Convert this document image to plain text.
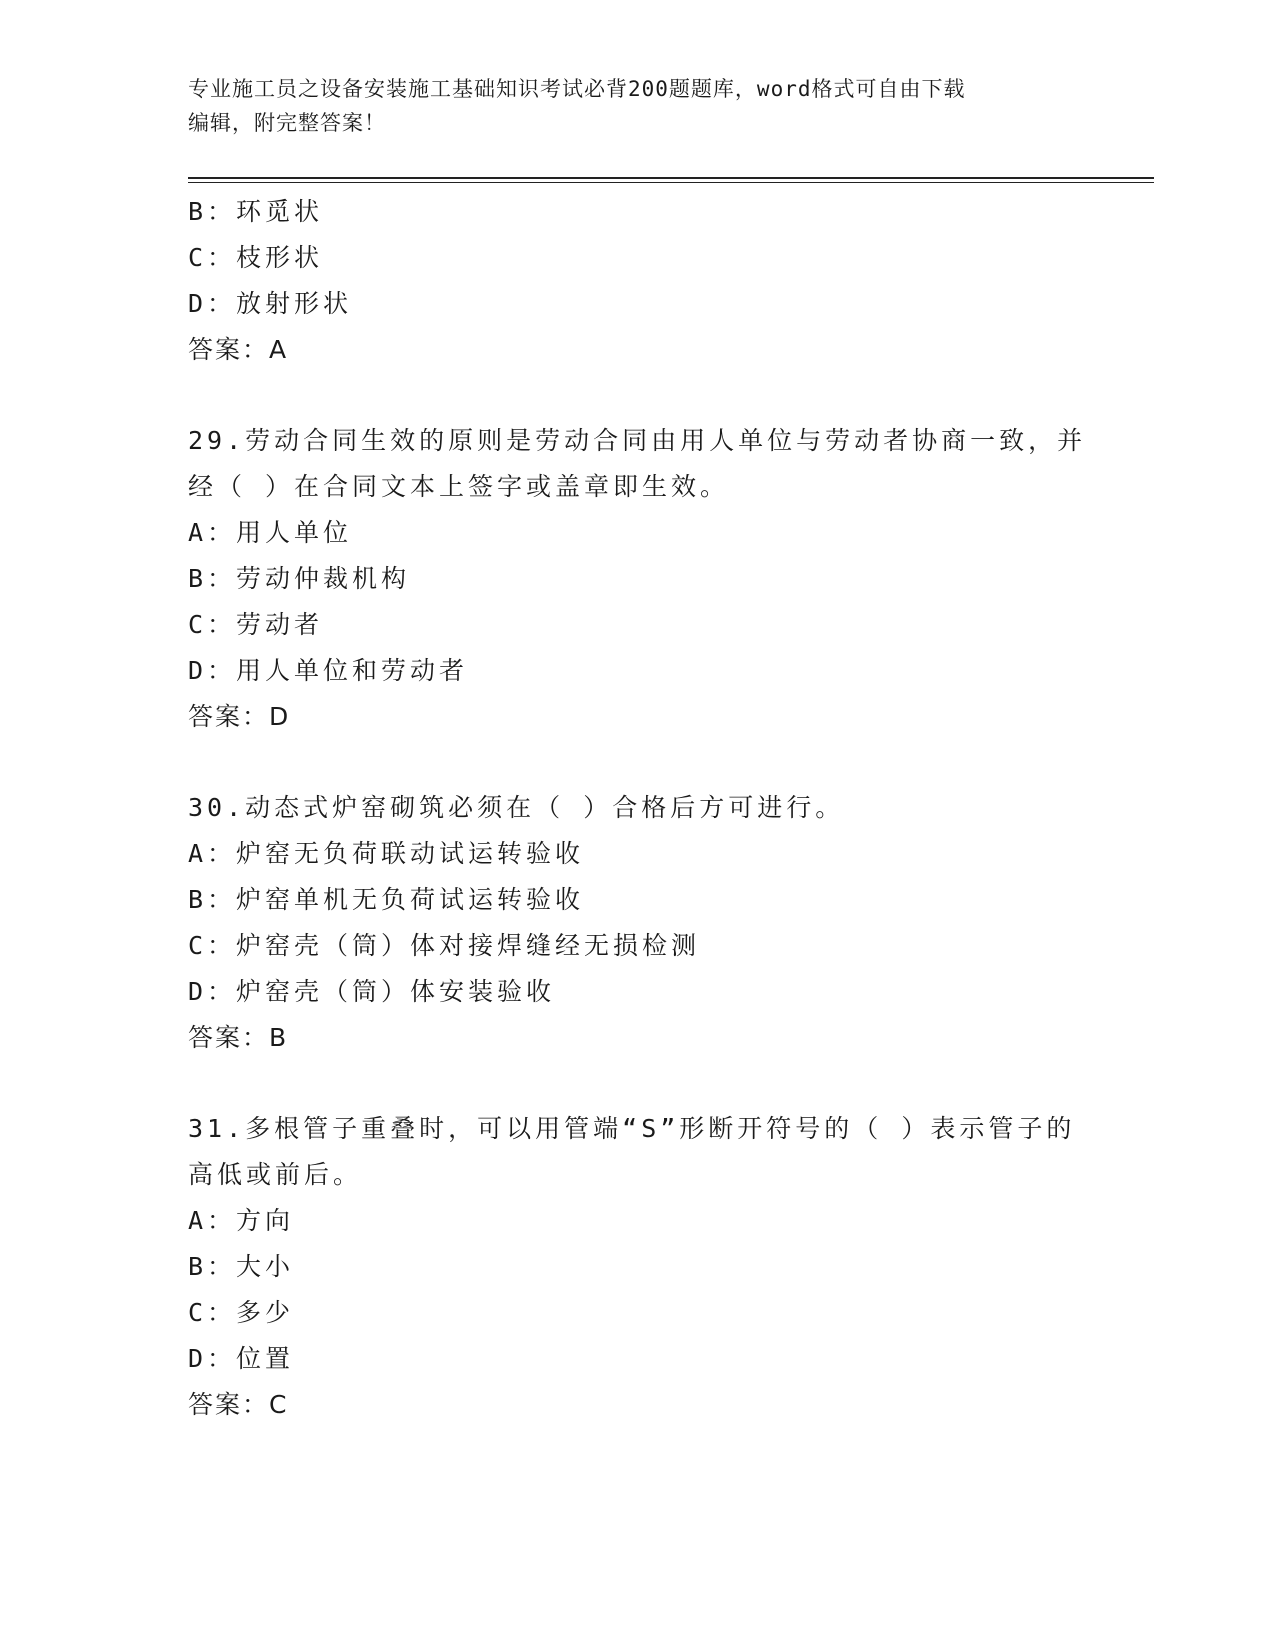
专业施工员之设备安装施工基础知识考试必背200题题库，word格式可自由下载
编辑，附完整答案！
B：环觅状
C：枝形状
D：放射形状
答案：A
29.劳动合同生效的原则是劳动合同由用人单位与劳动者协商一致，并
经（ ）在合同文本上签字或盖章即生效。
A：用人单位
B：劳动仲裁机构
C：劳动者
D：用人单位和劳动者
答案：D
30.动态式炉窑砌筑必须在（ ）合格后方可进行。
A：炉窑无负荷联动试运转验收
B：炉窑单机无负荷试运转验收
C：炉窑壳（筒）体对接焊缝经无损检测
D：炉窑壳（筒）体安装验收
答案：B
31.多根管子重叠时，可以用管端“S”形断开符号的（ ）表示管子的
高低或前后。
A：方向
B：大小
C：多少
D：位置
答案：C
